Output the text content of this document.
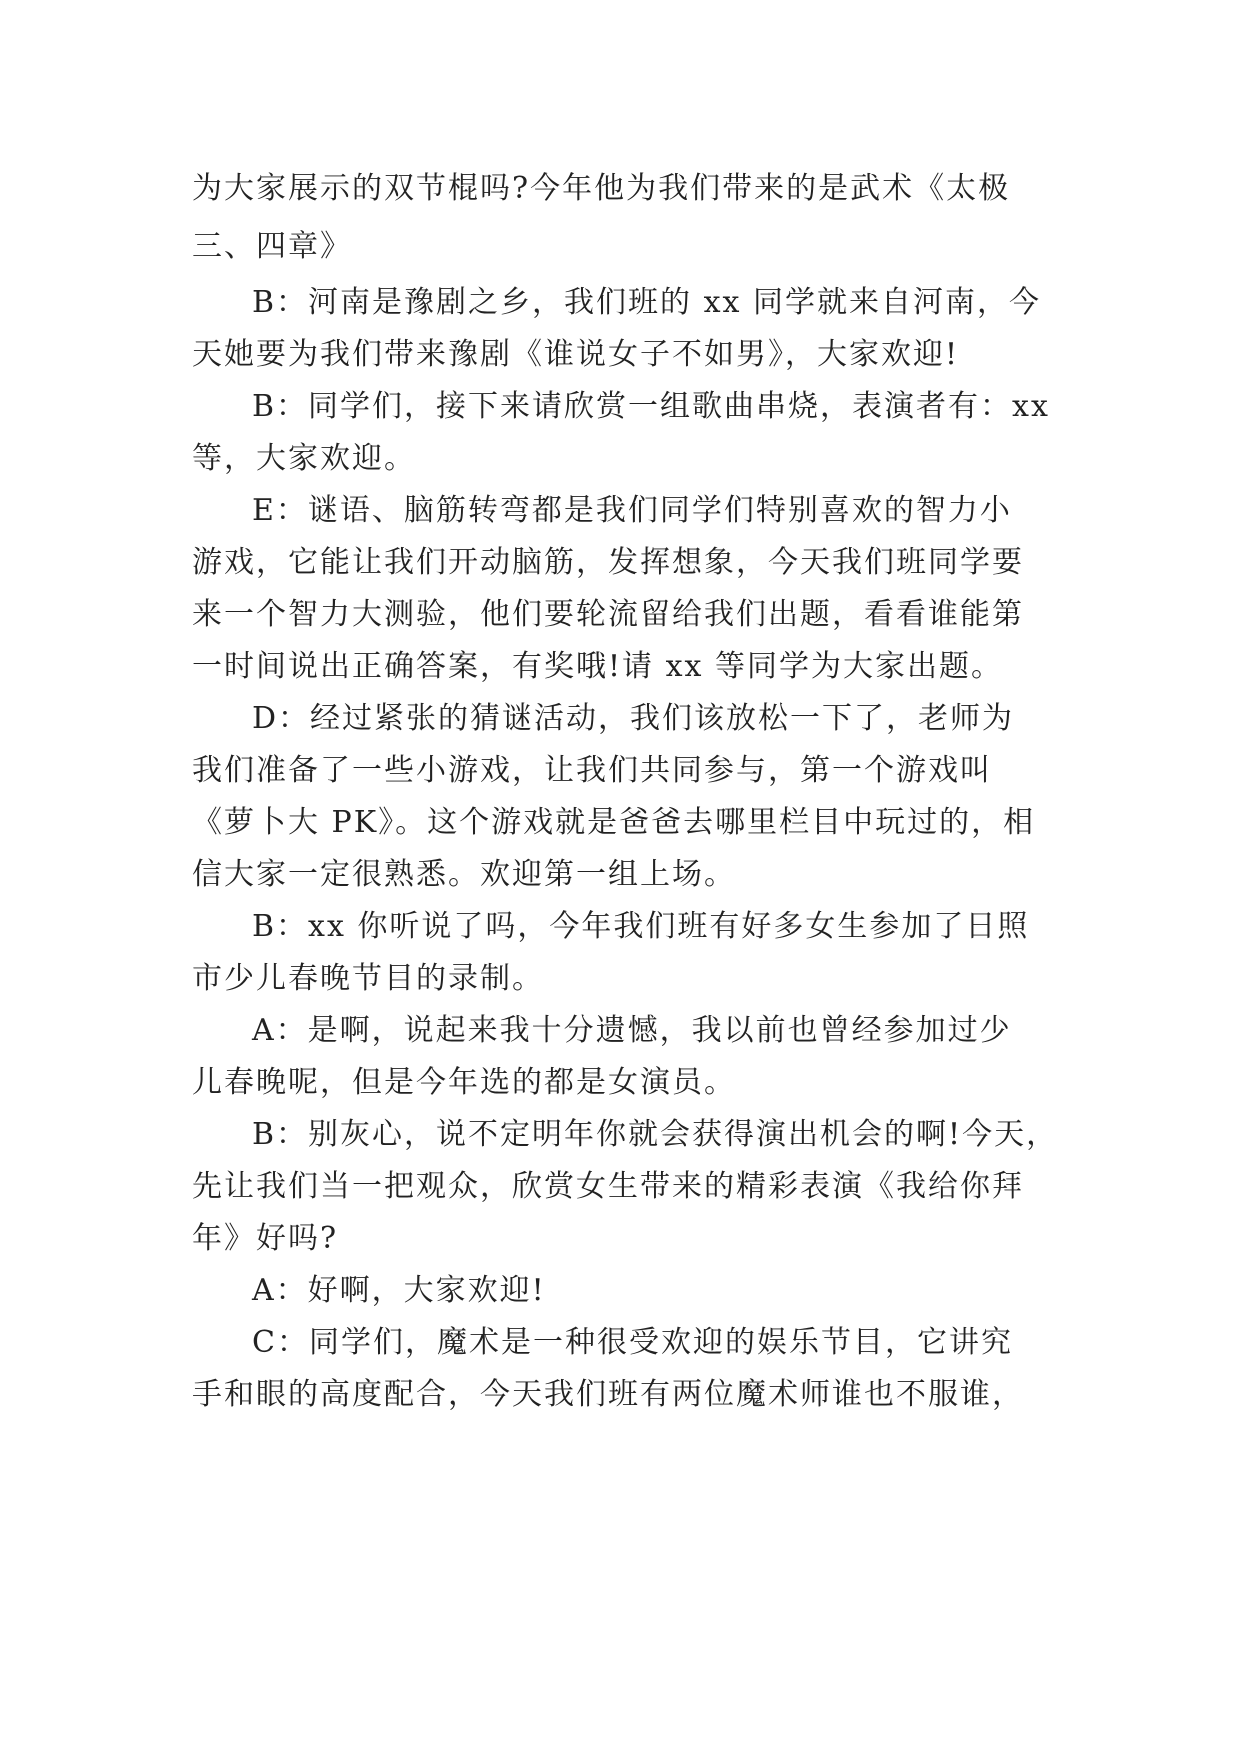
为大家展示的双节棍吗?今年他为我们带来的是武术《太极
三、四章》
B：河南是豫剧之乡，我们班的 xx 同学就来自河南，今
天她要为我们带来豫剧《谁说女子不如男》，大家欢迎!
B：同学们，接下来请欣赏一组歌曲串烧，表演者有：xx
等，大家欢迎。
E：谜语、脑筋转弯都是我们同学们特别喜欢的智力小
游戏，它能让我们开动脑筋，发挥想象，今天我们班同学要
来一个智力大测验，他们要轮流留给我们出题，看看谁能第
一时间说出正确答案，有奖哦!请 xx 等同学为大家出题。
D：经过紧张的猜谜活动，我们该放松一下了，老师为
我们准备了一些小游戏，让我们共同参与，第一个游戏叫
《萝卜大 PK》。这个游戏就是爸爸去哪里栏目中玩过的，相
信大家一定很熟悉。欢迎第一组上场。
B：xx 你听说了吗，今年我们班有好多女生参加了日照
市少儿春晚节目的录制。
A：是啊，说起来我十分遗憾，我以前也曾经参加过少
儿春晚呢，但是今年选的都是女演员。
B：别灰心，说不定明年你就会获得演出机会的啊!今天，
先让我们当一把观众，欣赏女生带来的精彩表演《我给你拜
年》好吗?
A：好啊，大家欢迎!
C：同学们，魔术是一种很受欢迎的娱乐节目，它讲究
手和眼的高度配合，今天我们班有两位魔术师谁也不服谁，
